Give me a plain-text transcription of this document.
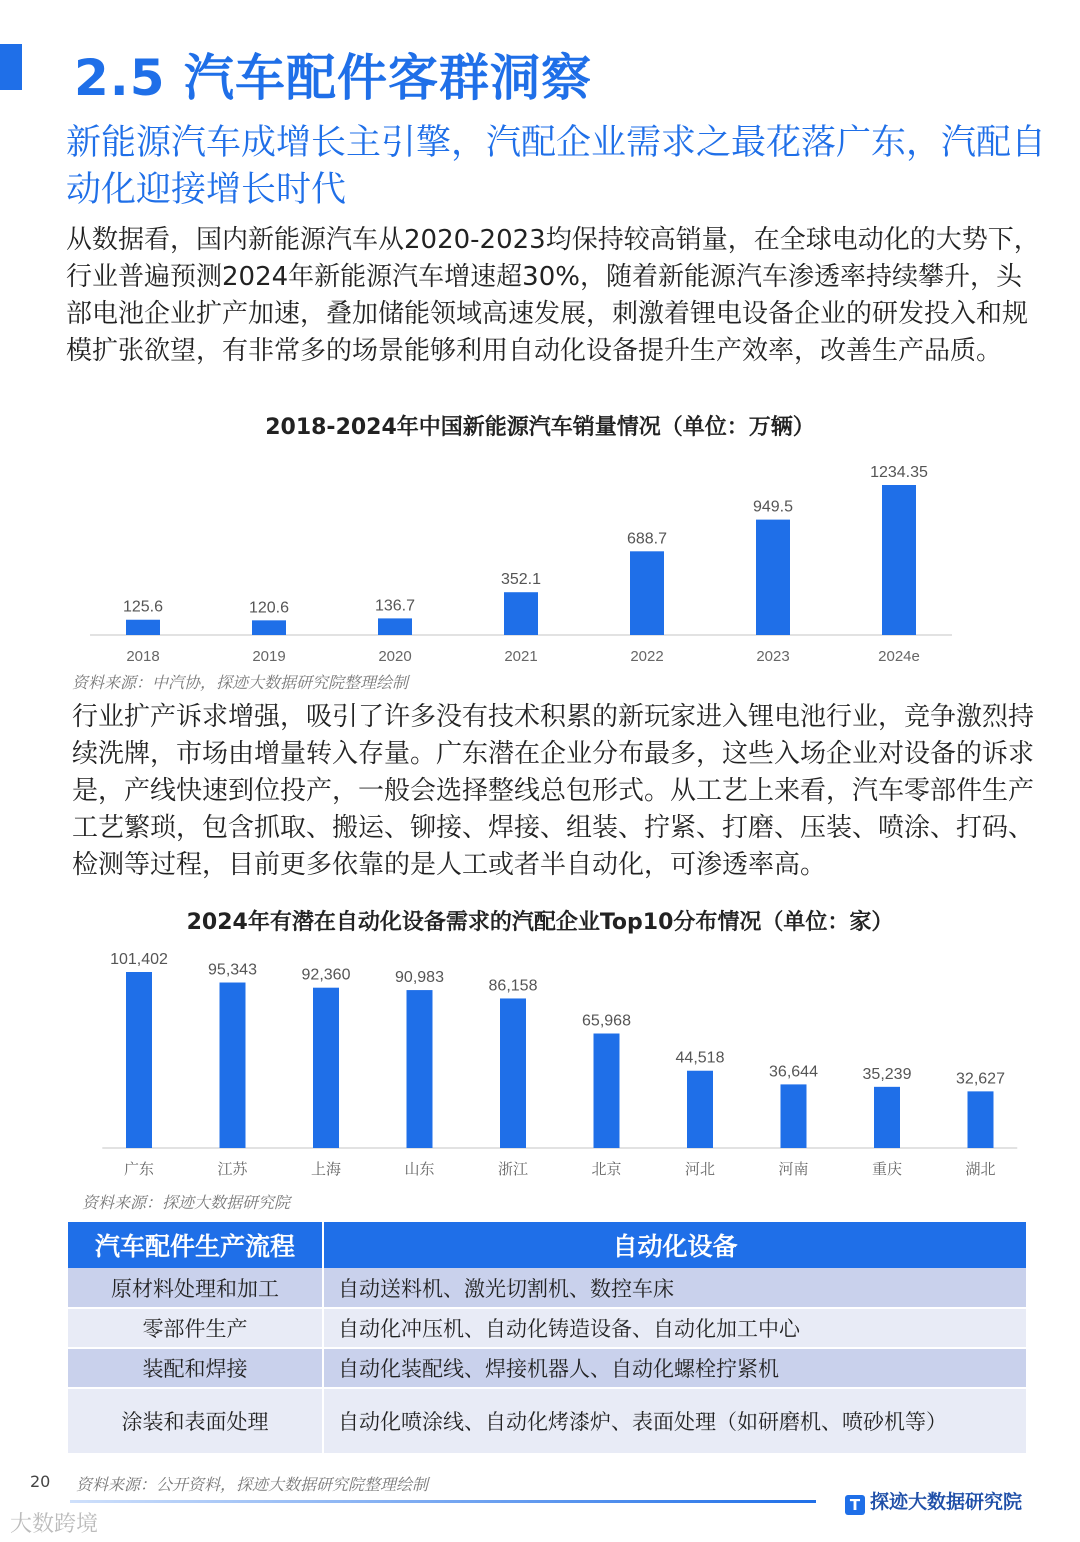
2.5 汽车配件客群洞察
新能源汽车成增长主引擎，汽配企业需求之最花落广东，汽配自动化迎接增长时代
从数据看，国内新能源汽车从2020-2023均保持较高销量，在全球电动化的大势下，行业普遍预测2024年新能源汽车增速超30%，随着新能源汽车渗透率持续攀升，头部电池企业扩产加速，叠加储能领域高速发展，刺激着锂电设备企业的研发投入和规模扩张欲望，有非常多的场景能够利用自动化设备提升生产效率，改善生产品质。
2018-2024年中国新能源汽车销量情况（单位：万辆）
125.6
2018
120.6
2019
136.7
2020
352.1
2021
688.7
2022
949.5
2023
1234.35
2024e
资料来源：中汽协，探迹大数据研究院整理绘制
行业扩产诉求增强，吸引了许多没有技术积累的新玩家进入锂电池行业，竞争激烈持续洗牌，市场由增量转入存量。广东潜在企业分布最多，这些入场企业对设备的诉求是，产线快速到位投产，一般会选择整线总包形式。从工艺上来看，汽车零部件生产工艺繁琐，包含抓取、搬运、铆接、焊接、组装、拧紧、打磨、压装、喷涂、打码、检测等过程，目前更多依靠的是人工或者半自动化，可渗透率高。
2024年有潜在自动化设备需求的汽配企业Top10分布情况（单位：家）
101,402
广东
95,343
江苏
92,360
上海
90,983
山东
86,158
浙江
65,968
北京
44,518
河北
36,644
河南
35,239
重庆
32,627
湖北
资料来源：探迹大数据研究院
汽车配件生产流程	自动化设备
原材料处理和加工	自动送料机、激光切割机、数控车床
零部件生产	自动化冲压机、自动化铸造设备、自动化加工中心
装配和焊接	自动化装配线、焊接机器人、自动化螺栓拧紧机
涂装和表面处理	自动化喷涂线、自动化烤漆炉、表面处理（如研磨机、喷砂机等）
资料来源：公开资料，探迹大数据研究院整理绘制
20
T 探迹大数据研究院
大数跨境
